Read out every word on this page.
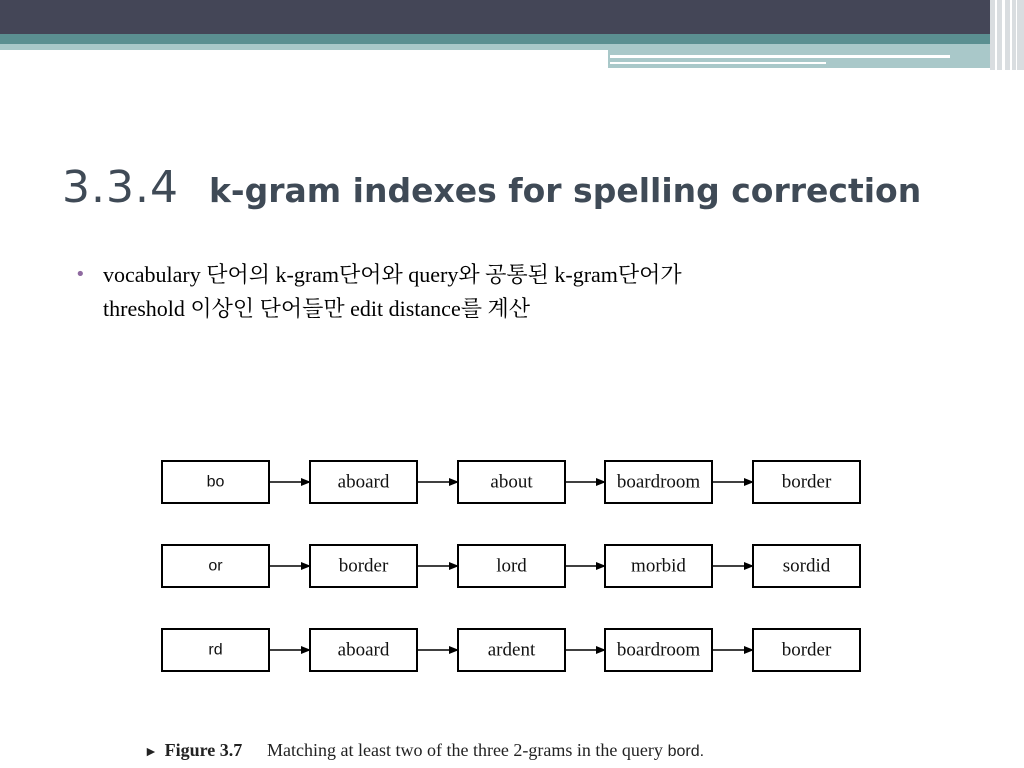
3.3.4 k-gram indexes for spelling correction
• vocabulary 단어의 k-gram단어와 query와 공통된 k-gram단어가
threshold 이상인 단어들만 edit distance를 계산
bo	aboard	about	boardroom	border
or	border	lord	morbid	sordid
rd	aboard	ardent	boardroom	border
► Figure 3.7 Matching at least two of the three 2-grams in the query bord.
